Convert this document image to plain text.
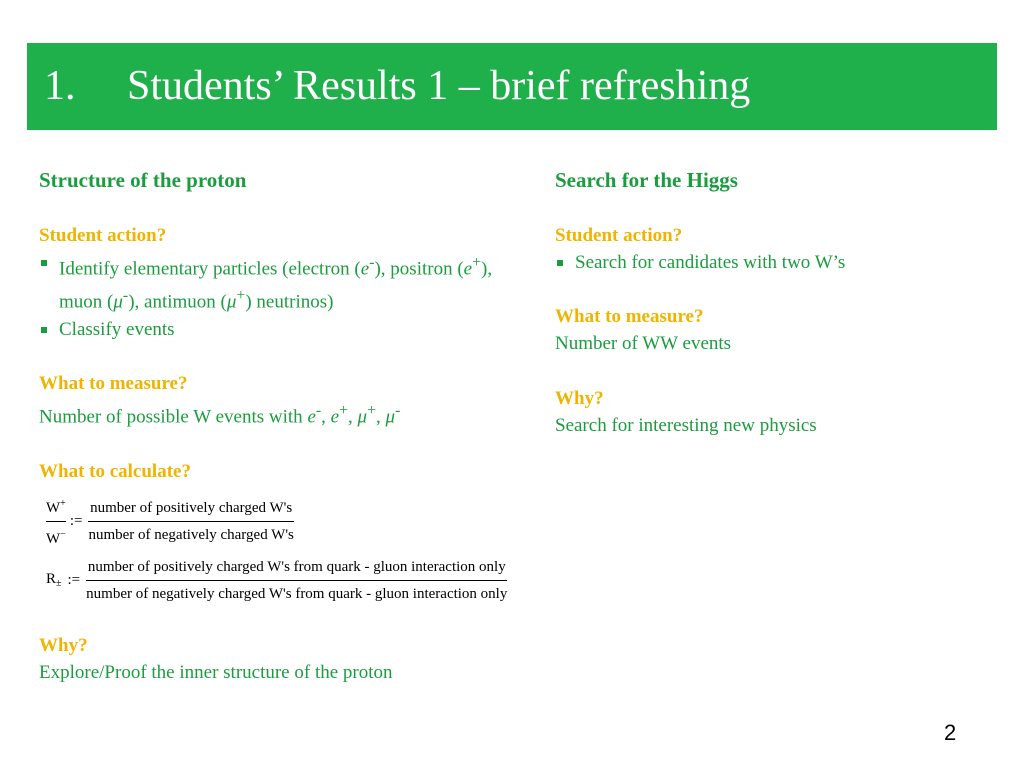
1. Students’ Results 1 – brief refreshing

Structure of the proton

Student action?

Identify elementary particles (electron (e-), positron (e+), muon (μ-), antimuon (μ+) neutrinos)
Classify events

What to measure?

Number of possible W events with e-, e+, μ+, μ-

What to calculate?

$\frac{W^+}{W^-}$ := $\frac{\text{number of positively charged W's}}{\text{number of negatively charged W's}}$
$R_\pm$ :=
number of positively charged W's from quark - gluon interaction only
number of negatively charged W's from quark - gluon interaction only

Why?

Explore/Proof the inner structure of the proton

Search for the Higgs

Student action?

Search for candidates with two W’s

What to measure?

Number of WW events

Why?

Search for interesting new physics

2
